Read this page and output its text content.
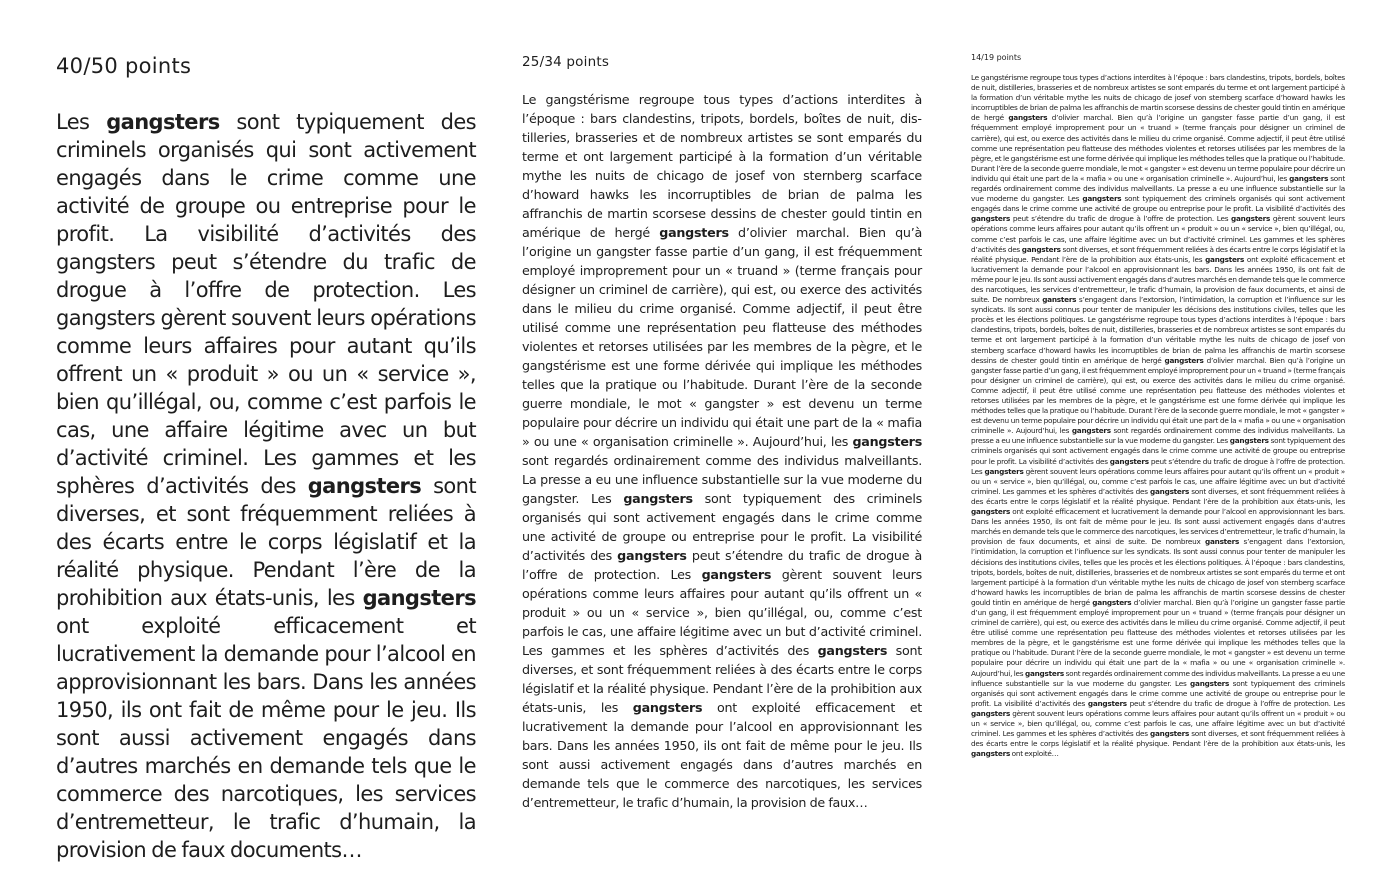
40/50 points

Les gangsters sont typiquement des criminels organisés qui sont activement engagés dans le crime comme une activité de groupe ou entreprise pour le profit. La visibilité d’activités des gangsters peut s’étendre du trafic de drogue à l’offre de protection. Les gangsters gèrent souvent leurs opérations comme leurs affaires pour autant qu’ils offrent un « produit » ou un « service », bien qu’illégal, ou, comme c’est parfois le cas, une affaire légitime avec un but d’activité criminel. Les gammes et les sphères d’activités des gangsters sont diverses, et sont fréquemment reliées à des écarts entre le corps législatif et la réalité physique. Pendant l’ère de la prohibition aux états-unis, les gangsters ont exploité efficacement et lucrativement la demande pour l’alcool en approvisionnant les bars. Dans les années 1950, ils ont fait de même pour le jeu. Ils sont aussi activement engagés dans d’autres marchés en demande tels que le commerce des narcotiques, les services d’entremetteur, le trafic d’humain, la provision de faux documents…

25/34 points

Le gangstérisme regroupe tous types d’actions interdites à l’époque : bars clandestins, tripots, bordels, boîtes de nuit, distilleries, brasseries et de nombreux artistes se sont emparés du terme et ont largement participé à la formation d’un véritable mythe les nuits de chicago de josef von sternberg scarface d’howard hawks les incorruptibles de brian de palma les affranchis de martin scorsese dessins de chester gould tintin en amérique de hergé gangsters d’olivier marchal. Bien qu’à l’origine un gangster fasse partie d’un gang, il est fréquemment employé improprement pour un « truand » (terme français pour désigner un criminel de carrière), qui est, ou exerce des activités dans le milieu du crime organisé. Comme adjectif, il peut être utilisé comme une représentation peu flatteuse des méthodes violentes et retorses utilisées par les membres de la pègre, et le gangstérisme est une forme dérivée qui implique les méthodes telles que la pratique ou l’habitude. Durant l’ère de la seconde guerre mondiale, le mot « gangster » est devenu un terme populaire pour décrire un individu qui était une part de la « mafia » ou une « organisation criminelle ». Aujourd’hui, les gangsters sont regardés ordinairement comme des individus malveillants. La presse a eu une influence substantielle sur la vue moderne du gangster. Les gangsters sont typiquement des criminels organisés qui sont activement engagés dans le crime comme une activité de groupe ou entreprise pour le profit. La visibilité d’activités des gangsters peut s’étendre du trafic de drogue à l’offre de protection. Les gangsters gèrent souvent leurs opérations comme leurs affaires pour autant qu’ils offrent un « produit » ou un « service », bien qu’illégal, ou, comme c’est parfois le cas, une affaire légitime avec un but d’activité criminel. Les gammes et les sphères d’activités des gangsters sont diverses, et sont fréquemment reliées à des écarts entre le corps législatif et la réalité physique. Pendant l’ère de la prohibition aux états-unis, les gangsters ont exploité efficacement et lucrativement la demande pour l’alcool en approvisionnant les bars. Dans les années 1950, ils ont fait de même pour le jeu. Ils sont aussi activement engagés dans d’autres marchés en demande tels que le commerce des narcotiques, les services d’entremetteur, le trafic d’humain, la provision de faux…

14/19 points

Le gangstérisme regroupe tous types d’actions interdites à l’époque : bars clandestins, tripots, bordels, boîtes de nuit, distilleries, brasseries et de nombreux artistes se sont emparés du terme et ont largement participé à la formation d’un véritable mythe les nuits de chicago de josef von sternberg scarface d’howard hawks les incorruptibles de brian de palma les affranchis de martin scorsese dessins de chester gould tintin en amérique de hergé gangsters d’olivier marchal. Bien qu’à l’origine un gangster fasse partie d’un gang, il est fréquemment employé improprement pour un « truand » (terme français pour désigner un criminel de carrière), qui est, ou exerce des activités dans le milieu du crime organisé. Comme adjectif, il peut être utilisé comme une représentation peu flatteuse des méthodes violentes et retorses utilisées par les membres de la pègre, et le gangstérisme est une forme dérivée qui implique les méthodes telles que la pratique ou l’habitude. Durant l’ère de la seconde guerre mondiale, le mot « gangster » est devenu un terme populaire pour décrire un individu qui était une part de la « mafia » ou une « organisation criminelle ». Aujourd’hui, les gangsters sont regardés ordinairement comme des individus malveillants. La presse a eu une influence substantielle sur la vue moderne du gangster. Les gangsters sont typiquement des criminels organisés qui sont activement engagés dans le crime comme une activité de groupe ou entreprise pour le profit. La visibilité d’activités des gangsters peut s’étendre du trafic de drogue à l’offre de protection. Les gangsters gèrent souvent leurs opérations comme leurs affaires pour autant qu’ils offrent un « produit » ou un « service », bien qu’illégal, ou, comme c’est parfois le cas, une affaire légitime avec un but d’activité criminel. Les gammes et les sphères d’activités des gangsters sont diverses, et sont fréquemment reliées à des écarts entre le corps législatif et la réalité physique. Pendant l’ère de la prohibition aux états-unis, les gangsters ont exploité efficacement et lucrativement la demande pour l’alcool en approvisionnant les bars. Dans les années 1950, ils ont fait de même pour le jeu. Ils sont aussi activement engagés dans d’autres marchés en demande tels que le commerce des narcotiques, les services d’entremetteur, le trafic d’humain, la provision de faux documents, et ainsi de suite. De nombreux gansters s’engagent dans l’extorsion, l’intimidation, la corruption et l’influence sur les syndicats. Ils sont aussi connus pour tenter de manipuler les décisions des institutions civiles, telles que les procès et les élections politiques. Le gangstérisme regroupe tous types d’actions interdites à l’époque : bars clandestins, tripots, bordels, boîtes de nuit, distilleries, brasseries et de nombreux artistes se sont emparés du terme et ont largement participé à la formation d’un véritable mythe les nuits de chicago de josef von sternberg scarface d’howard hawks les incorruptibles de brian de palma les affranchis de martin scorsese dessins de chester gould tintin en amérique de hergé gangsters d’olivier marchal. Bien qu’à l’origine un gangster fasse partie d’un gang, il est fréquemment employé improprement pour un « truand » (terme français pour désigner un criminel de carrière), qui est, ou exerce des activités dans le milieu du crime organisé. Comme adjectif, il peut être utilisé comme une représentation peu flatteuse des méthodes violentes et retorses utilisées par les membres de la pègre, et le gangstérisme est une forme dérivée qui implique les méthodes telles que la pratique ou l’habitude. Durant l’ère de la seconde guerre mondiale, le mot « gangster » est devenu un terme populaire pour décrire un individu qui était une part de la « mafia » ou une « organisation criminelle ». Aujourd’hui, les gangsters sont regardés ordinairement comme des individus malveillants. La presse a eu une influence substantielle sur la vue moderne du gangster. Les gangsters sont typiquement des criminels organisés qui sont activement engagés dans le crime comme une activité de groupe ou entreprise pour le profit. La visibilité d’activités des gangsters peut s’étendre du trafic de drogue à l’offre de protection. Les gangsters gèrent souvent leurs opérations comme leurs affaires pour autant qu’ils offrent un « produit » ou un « service », bien qu’illégal, ou, comme c’est parfois le cas, une affaire légitime avec un but d’activité criminel. Les gammes et les sphères d’activités des gangsters sont diverses, et sont fréquemment reliées à des écarts entre le corps législatif et la réalité physique. Pendant l’ère de la prohibition aux états-unis, les gangsters ont exploité efficacement et lucrativement la demande pour l’alcool en approvisionnant les bars. Dans les années 1950, ils ont fait de même pour le jeu. Ils sont aussi activement engagés dans d’autres marchés en demande tels que le commerce des narcotiques, les services d’entremetteur, le trafic d’humain, la provision de faux documents, et ainsi de suite. De nombreux gansters s’engagent dans l’extorsion, l’intimidation, la corruption et l’influence sur les syndicats. Ils sont aussi connus pour tenter de manipuler les décisions des institutions civiles, telles que les procès et les élections politiques. À l’époque : bars clandestins, tripots, bordels, boîtes de nuit, distilleries, brasseries et de nombreux artistes se sont emparés du terme et ont largement participé à la formation d’un véritable mythe les nuits de chicago de josef von sternberg scarface d’howard hawks les incorruptibles de brian de palma les affranchis de martin scorsese dessins de chester gould tintin en amérique de hergé gangsters d’olivier marchal. Bien qu’à l’origine un gangster fasse partie d’un gang, il est fréquemment employé improprement pour un « truand » (terme français pour désigner un criminel de carrière), qui est, ou exerce des activités dans le milieu du crime organisé. Comme adjectif, il peut être utilisé comme une représentation peu flatteuse des méthodes violentes et retorses utilisées par les membres de la pègre, et le gangstérisme est une forme dérivée qui implique les méthodes telles que la pratique ou l’habitude. Durant l’ère de la seconde guerre mondiale, le mot « gangster » est devenu un terme populaire pour décrire un individu qui était une part de la « mafia » ou une « organisation criminelle ». Aujourd’hui, les gangsters sont regardés ordinairement comme des individus malveillants. La presse a eu une influence substantielle sur la vue moderne du gangster. Les gangsters sont typiquement des criminels organisés qui sont activement engagés dans le crime comme une activité de groupe ou entreprise pour le profit. La visibilité d’activités des gangsters peut s’étendre du trafic de drogue à l’offre de protection. Les gangsters gèrent souvent leurs opérations comme leurs affaires pour autant qu’ils offrent un « produit » ou un « service », bien qu’illégal, ou, comme c’est parfois le cas, une affaire légitime avec un but d’activité criminel. Les gammes et les sphères d’activités des gangsters sont diverses, et sont fréquemment reliées à des écarts entre le corps législatif et la réalité physique. Pendant l’ère de la prohibition aux états-unis, les gangsters ont exploité…
